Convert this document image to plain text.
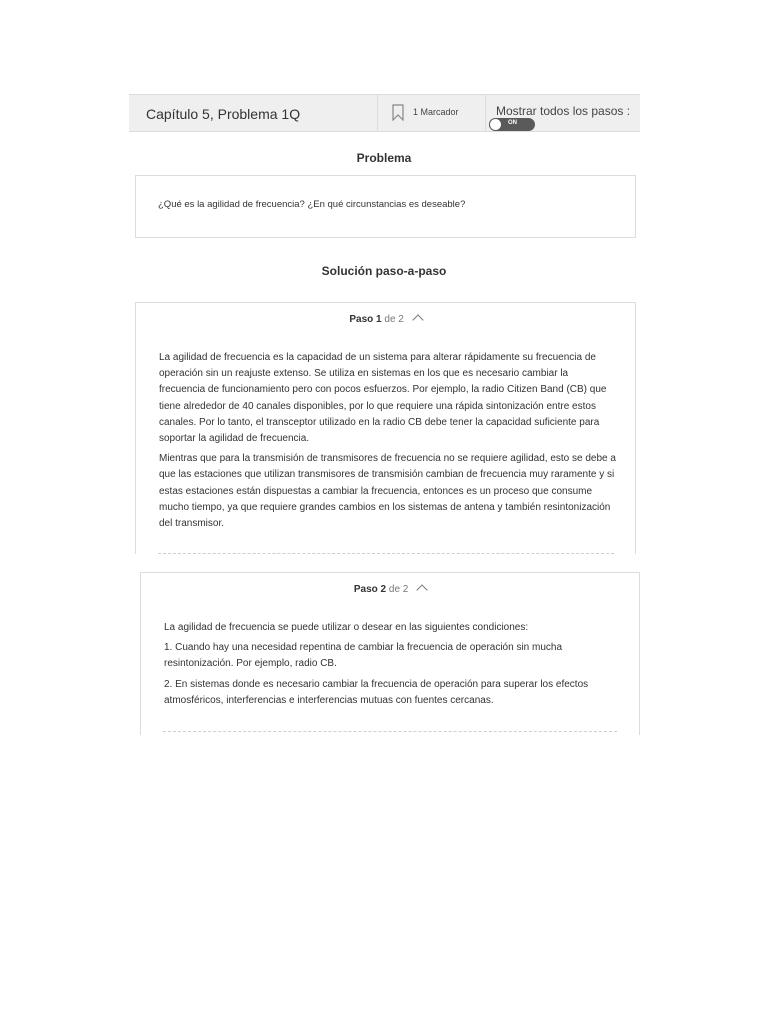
Capítulo 5, Problema 1Q	1 Marcador	Mostrar todos los pasos :
ON
Problema
¿Qué es la agilidad de frecuencia? ¿En qué circunstancias es deseable?
Solución paso-a-paso
Paso 1 de 2

La agilidad de frecuencia es la capacidad de un sistema para alterar rápidamente su frecuencia de operación sin un reajuste extenso. Se utiliza en sistemas en los que es necesario cambiar la frecuencia de funcionamiento pero con pocos esfuerzos. Por ejemplo, la radio Citizen Band (CB) que tiene alrededor de 40 canales disponibles, por lo que requiere una rápida sintonización entre estos canales. Por lo tanto, el transceptor utilizado en la radio CB debe tener la capacidad suficiente para soportar la agilidad de frecuencia.

Mientras que para la transmisión de transmisores de frecuencia no se requiere agilidad, esto se debe a que las estaciones que utilizan transmisores de transmisión cambian de frecuencia muy raramente y si estas estaciones están dispuestas a cambiar la frecuencia, entonces es un proceso que consume mucho tiempo, ya que requiere grandes cambios en los sistemas de antena y también resintonización del transmisor.

Paso 2 de 2

La agilidad de frecuencia se puede utilizar o desear en las siguientes condiciones:

1. Cuando hay una necesidad repentina de cambiar la frecuencia de operación sin mucha resintonización. Por ejemplo, radio CB.

2. En sistemas donde es necesario cambiar la frecuencia de operación para superar los efectos atmosféricos, interferencias e interferencias mutuas con fuentes cercanas.
